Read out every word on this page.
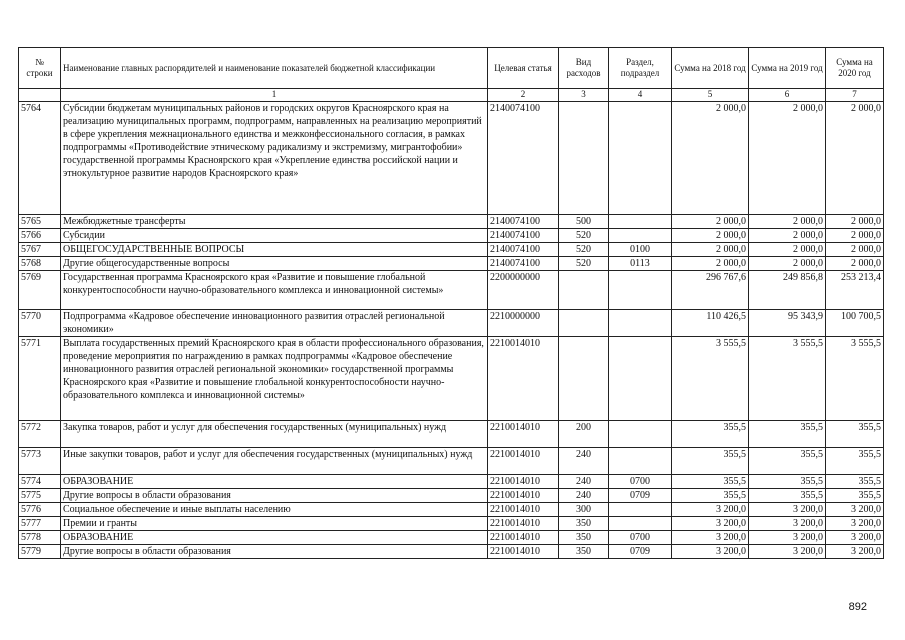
№ строки	Наименование главных распорядителей и наименование показателей бюджетной классификации	Целевая статья	Вид расходов	Раздел, подраздел	Сумма на 2018 год	Сумма на 2019 год	Сумма на 2020 год
	1	2	3	4	5	6	7
5764	Субсидии бюджетам муниципальных районов и городских округов Красноярского края на реализацию муниципальных программ, подпрограмм, направленных на реализацию мероприятий в сфере укрепления межнационального единства и межконфессионального согласия, в рамках подпрограммы «Противодействие этническому радикализму и экстремизму, мигрантофобии» государственной программы Красноярского края «Укрепление единства российской нации и этнокультурное развитие народов Красноярского края»	2140074100			2 000,0	2 000,0	2 000,0
5765	Межбюджетные трансферты	2140074100	500		2 000,0	2 000,0	2 000,0
5766	Субсидии	2140074100	520		2 000,0	2 000,0	2 000,0
5767	ОБЩЕГОСУДАРСТВЕННЫЕ ВОПРОСЫ	2140074100	520	0100	2 000,0	2 000,0	2 000,0
5768	Другие общегосударственные вопросы	2140074100	520	0113	2 000,0	2 000,0	2 000,0
5769	Государственная программа Красноярского края «Развитие и повышение глобальной конкурентоспособности научно-образовательного комплекса и инновационной системы»	2200000000			296 767,6	249 856,8	253 213,4
5770	Подпрограмма «Кадровое обеспечение инновационного развития отраслей региональной экономики»	2210000000			110 426,5	95 343,9	100 700,5
5771	Выплата государственных премий Красноярского края в области профессионального образования, проведение мероприятия по награждению в рамках подпрограммы «Кадровое обеспечение инновационного развития отраслей региональной экономики» государственной программы Красноярского края «Развитие и повышение глобальной конкурентоспособности научно-образовательного комплекса и инновационной системы»	2210014010			3 555,5	3 555,5	3 555,5
5772	Закупка товаров, работ и услуг для обеспечения государственных (муниципальных) нужд	2210014010	200		355,5	355,5	355,5
5773	Иные закупки товаров, работ и услуг для обеспечения государственных (муниципальных) нужд	2210014010	240		355,5	355,5	355,5
5774	ОБРАЗОВАНИЕ	2210014010	240	0700	355,5	355,5	355,5
5775	Другие вопросы в области образования	2210014010	240	0709	355,5	355,5	355,5
5776	Социальное обеспечение и иные выплаты населению	2210014010	300		3 200,0	3 200,0	3 200,0
5777	Премии и гранты	2210014010	350		3 200,0	3 200,0	3 200,0
5778	ОБРАЗОВАНИЕ	2210014010	350	0700	3 200,0	3 200,0	3 200,0
5779	Другие вопросы в области образования	2210014010	350	0709	3 200,0	3 200,0	3 200,0
892
